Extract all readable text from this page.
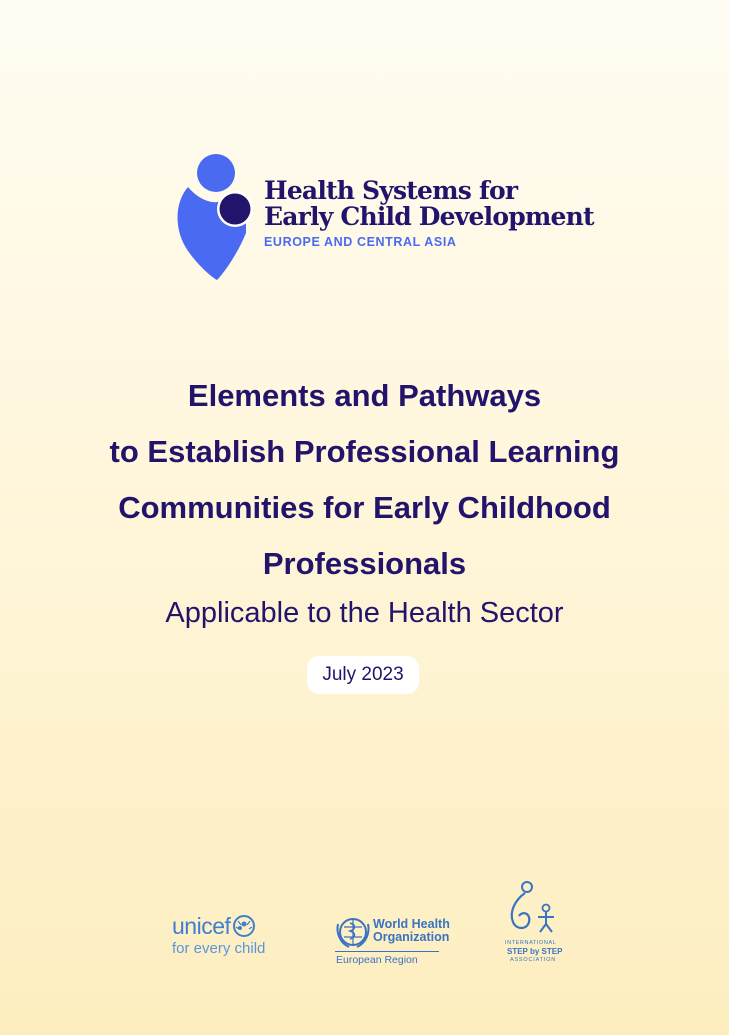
Health Systems for
Early Child Development
EUROPE AND CENTRAL ASIA
Elements and Pathways
to Establish Professional Learning
Communities for Early Childhood
Professionals
Applicable to the Health Sector
July 2023
unicef
for every child
World Health
Organization
European Region
INTERNATIONAL
STEP by STEP
ASSOCIATION
